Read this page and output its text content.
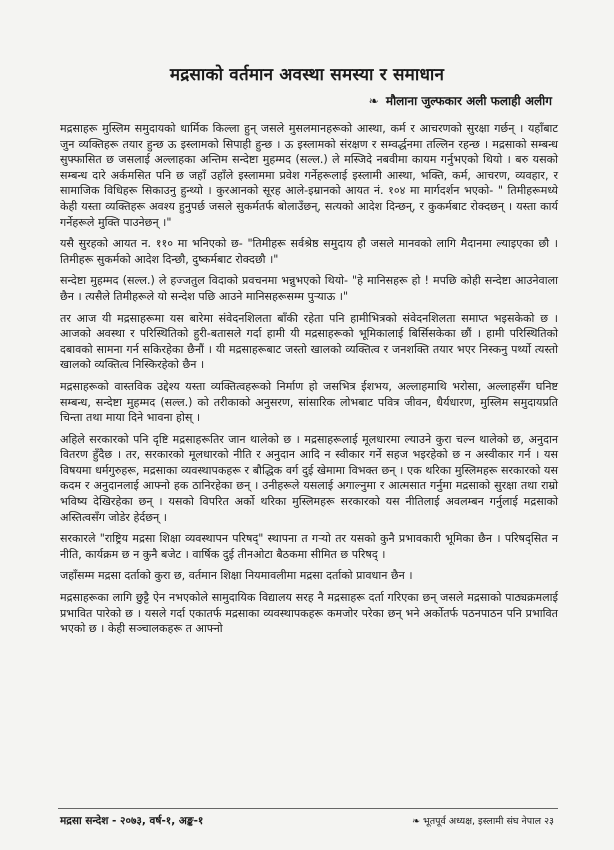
मद्रसाको वर्तमान अवस्था समस्या र समाधान
❧ मौलाना जुल्फकार अली फलाही अलीग

मद्रसाहरू मुस्लिम समुदायको धार्मिक किल्ला हुन् जसले मुसलमानहरूको आस्था, कर्म र आचरणको सुरक्षा गर्छन् । यहाँबाट जुन व्यक्तिहरू तयार हुन्छ ऊ इस्लामको सिपाही हुन्छ । ऊ इस्लामको संरक्षण र सम्वर्द्धनमा तल्लिन रहन्छ । मद्रसाको सम्बन्ध सुफ्फासित छ जसलाई अल्लाहका अन्तिम सन्देष्टा मुहम्मद (सल्ल.) ले मस्जिदे नबवीमा कायम गर्नुभएको थियो । बरु यसको सम्बन्ध दारे अर्कमसित पनि छ जहाँ उहाँले इस्लाममा प्रवेश गर्नेहरूलाई इस्लामी आस्था, भक्ति, कर्म, आचरण, व्यवहार, र सामाजिक विधिहरू सिकाउनु हुन्थ्यो । कुरआनको सूरह आले-इम्रानको आयत नं. १०४ मा मार्गदर्शन भएको- " तिमीहरूमध्ये केही यस्ता व्यक्तिहरू अवश्य हुनुपर्छ जसले सुकर्मतर्फ बोलाउँछन्, सत्यको आदेश दिन्छन्, र कुकर्मबाट रोक्दछन् । यस्ता कार्य गर्नेहरूले मुक्ति पाउनेछन् ।"

यसै सुरहको आयत न. ११० मा भनिएको छ- "तिमीहरू सर्वश्रेष्ठ समुदाय हौ जसले मानवको लागि मैदानमा ल्याइएका छौ । तिमीहरू सुकर्मको आदेश दिन्छौ, दुष्कर्मबाट रोक्दछौ ।"

सन्देष्टा मुहम्मद (सल्ल.) ले हज्जतुल विदाको प्रवचनमा भन्नुभएको थियो- "हे मानिसहरू हो ! मपछि कोही सन्देष्टा आउनेवाला छैन । त्यसैले तिमीहरूले यो सन्देश पछि आउने मानिसहरूसम्म पुऱ्याऊ ।"

तर आज यी मद्रसाहरूमा यस बारेमा संवेदनशिलता बाँकी रहेता पनि हामीभित्रको संवेदनशिलता समाप्त भइसकेको छ । आजको अवस्था र परिस्थितिको हुरी-बतासले गर्दा हामी यी मद्रसाहरूको भूमिकालाई बिर्सिसकेका छौं । हामी परिस्थितिको दबावको सामना गर्न सकिरहेका छैनौं । यी मद्रसाहरूबाट जस्तो खालको व्यक्तित्व र जनशक्ति तयार भएर निस्कनु पर्थ्यो त्यस्तो खालको व्यक्तित्व निस्किरहेको छैन ।

मद्रसाहरूको वास्तविक उद्देश्य यस्ता व्यक्तित्वहरूको निर्माण हो जसभित्र ईशभय, अल्लाहमाथि भरोसा, अल्लाहसँग घनिष्ट सम्बन्ध, सन्देष्टा मुहम्मद (सल्ल.) को तरीकाको अनुसरण, सांसारिक लोभबाट पवित्र जीवन, धैर्यधारण, मुस्लिम समुदायप्रति चिन्ता तथा माया दिने भावना होस् ।

अहिले सरकारको पनि दृष्टि मद्रसाहरूतिर जान थालेको छ । मद्रसाहरूलाई मूलधारमा ल्याउने कुरा चल्न थालेको छ, अनुदान वितरण हुँदैछ । तर, सरकारको मूलधारको नीति र अनुदान आदि न स्वीकार गर्ने सहज भइरहेको छ न अस्वीकार गर्न । यस विषयमा धर्मगुरुहरू, मद्रसाका व्यवस्थापकहरू र बौद्धिक वर्ग दुई खेमामा विभक्त छन् । एक थरिका मुस्लिमहरू सरकारको यस कदम र अनुदानलाई आफ्नो हक ठानिरहेका छन् । उनीहरूले यसलाई अगाल्नुमा र आत्मसात गर्नुमा मद्रसाको सुरक्षा तथा राम्रो भविष्य देखिरहेका छन् । यसको विपरित अर्को थरिका मुस्लिमहरू सरकारको यस नीतिलाई अवलम्बन गर्नुलाई मद्रसाको अस्तित्वसँग जोडेर हेर्दछन् ।

सरकारले "राष्ट्रिय मद्रसा शिक्षा व्यवस्थापन परिषद्" स्थापना त गऱ्यो तर यसको कुनै प्रभावकारी भूमिका छैन । परिषद्सित न नीति, कार्यक्रम छ न कुनै बजेट । वार्षिक दुई तीनओटा बैठकमा सीमित छ परिषद् ।

जहाँसम्म मद्रसा दर्ताको कुरा छ, वर्तमान शिक्षा नियमावलीमा मद्रसा दर्ताको प्रावधान छैन ।

मद्रसाहरूका लागि छुट्टै ऐन नभएकोले सामुदायिक विद्यालय सरह नै मद्रसाहरू दर्ता गरिएका छन् जसले मद्रसाको पाठ्यक्रमलाई प्रभावित पारेको छ । यसले गर्दा एकातर्फ मद्रसाका व्यवस्थापकहरू कमजोर परेका छन् भने अर्कोतर्फ पठनपाठन पनि प्रभावित भएको छ । केही सञ्चालकहरू त आफ्नो

मद्रसा सन्देश - २०७३, वर्ष-१, अङ्क-१	❧ भूतपूर्व अध्यक्ष, इस्लामी संघ नेपाल २३
